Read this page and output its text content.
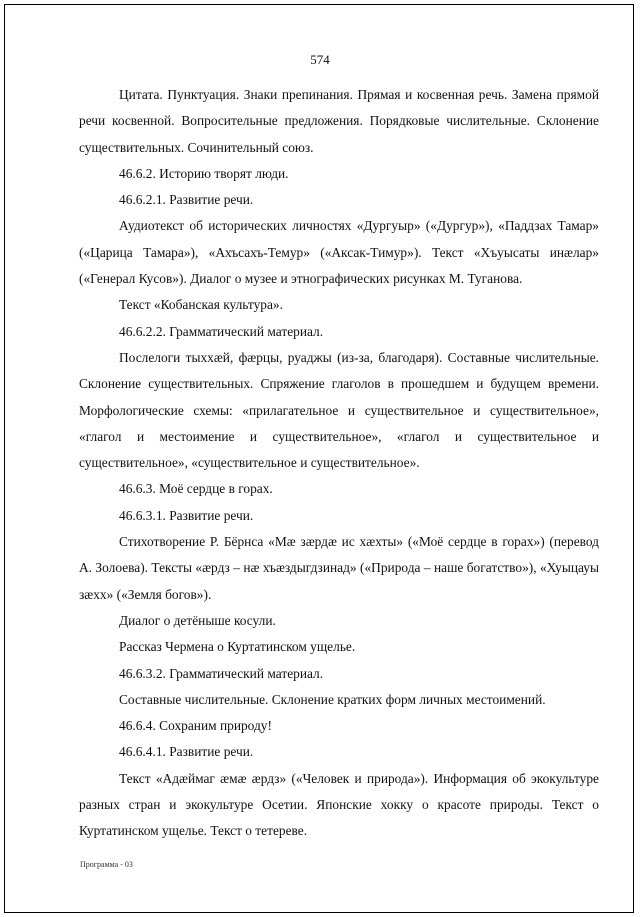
574

Цитата. Пунктуация. Знаки препинания. Прямая и косвенная речь. Замена прямой речи косвенной. Вопросительные предложения. Порядковые числительные. Склонение существительных. Сочинительный союз.

46.6.2. Историю творят люди.

46.6.2.1. Развитие речи.

Аудиотекст об исторических личностях «Дургуыр» («Дургур»), «Паддзах Тамар» («Царица Тамара»), «Ахъсахъ-Темур» («Аксак-Тимур»). Текст «Хъуысаты инæлар» («Генерал Кусов»). Диалог о музее и этнографических рисунках М. Туганова.

Текст «Кобанская культура».

46.6.2.2. Грамматический материал.

Послелоги тыххæй, фæрцы, руаджы (из-за, благодаря). Составные числительные. Склонение существительных. Спряжение глаголов в прошедшем и будущем времени. Морфологические схемы: «прилагательное и существительное и существительное», «глагол и местоимение и существительное», «глагол и существительное и существительное», «существительное и существительное».

46.6.3. Моё сердце в горах.

46.6.3.1. Развитие речи.

Стихотворение Р. Бёрнса «Мæ зæрдæ ис хæхты» («Моё сердце в горах») (перевод А. Золоева). Тексты «æрдз – нæ хъæздыгдзинад» («Природа – наше богатство»), «Хуыцауы зæхх» («Земля богов»).

Диалог о детёныше косули.

Рассказ Чермена о Куртатинском ущелье.

46.6.3.2. Грамматический материал.

Составные числительные. Склонение кратких форм личных местоимений.

46.6.4. Сохраним природу!

46.6.4.1. Развитие речи.

Текст «Адæймаг æмæ æрдз» («Человек и природа»). Информация об экокультуре разных стран и экокультуре Осетии. Японские хокку о красоте природы. Текст о Куртатинском ущелье. Текст о тетереве.

Программа - 03
